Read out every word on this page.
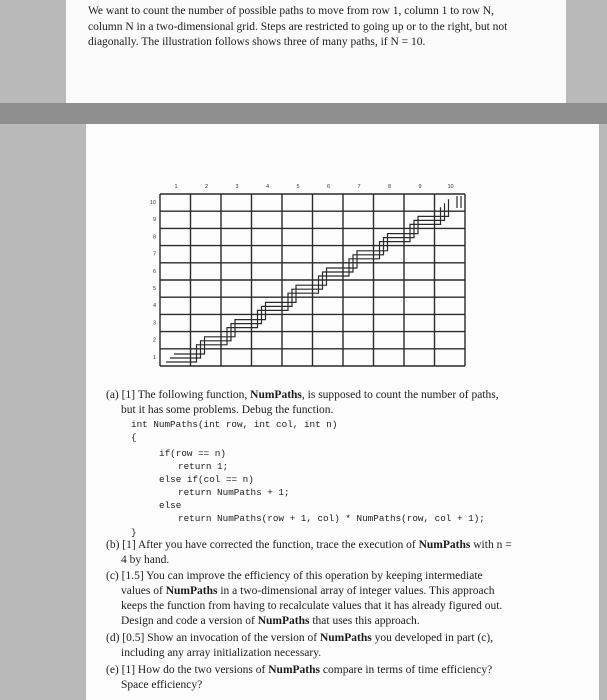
We want to count the number of possible paths to move from row 1, column 1 to row N,

column N in a two-dimensional grid. Steps are restricted to going up or to the right, but not

diagonally. The illustration follows shows three of many paths, if N = 10.

1	2	3	4	5	6	7	8	9	10
10
9
8
7
6
5
4
3
2
1
(a) [1] The following function, NumPaths, is supposed to count the number of paths,
but it has some problems. Debug the function.
int NumPaths(int row, int col, int n)
{
if(row == n)
return 1;
else if(col == n)
return NumPaths + 1;
else
return NumPaths(row + 1, col) * NumPaths(row, col + 1);
}
(b) [1] After you have corrected the function, trace the execution of NumPaths with n =
4 by hand.
(c) [1.5] You can improve the efficiency of this operation by keeping intermediate
values of NumPaths in a two-dimensional array of integer values. This approach
keeps the function from having to recalculate values that it has already figured out.
Design and code a version of NumPaths that uses this approach.
(d) [0.5] Show an invocation of the version of NumPaths you developed in part (c),
including any array initialization necessary.
(e) [1] How do the two versions of NumPaths compare in terms of time efficiency?
Space efficiency?
